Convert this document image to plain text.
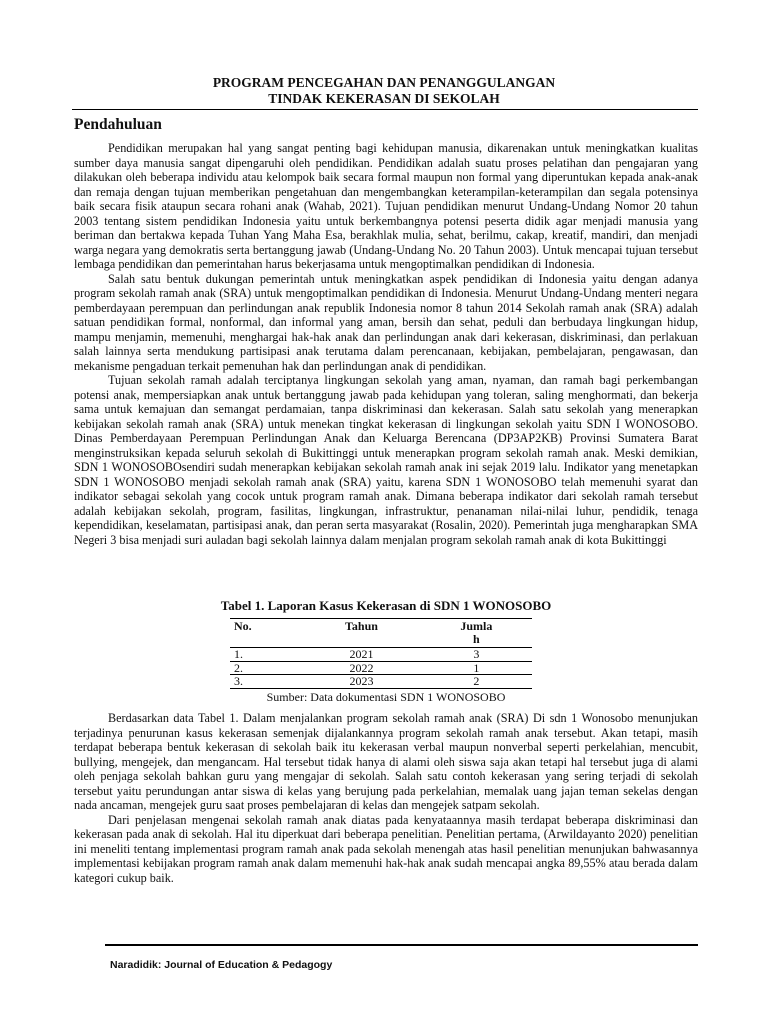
PROGRAM PENCEGAHAN DAN PENANGGULANGAN
TINDAK KEKERASAN DI SEKOLAH
Pendahuluan

Pendidikan merupakan hal yang sangat penting bagi kehidupan manusia, dikarenakan untuk meningkatkan kualitas sumber daya manusia sangat dipengaruhi oleh pendidikan. Pendidikan adalah suatu proses pelatihan dan pengajaran yang dilakukan oleh beberapa individu atau kelompok baik secara formal maupun non formal yang diperuntukan kepada anak-anak dan remaja dengan tujuan memberikan pengetahuan dan mengembangkan keterampilan-keterampilan dan segala potensinya baik secara fisik ataupun secara rohani anak (Wahab, 2021). Tujuan pendidikan menurut Undang-Undang Nomor 20 tahun 2003 tentang sistem pendidikan Indonesia yaitu untuk berkembangnya potensi peserta didik agar menjadi manusia yang beriman dan bertakwa kepada Tuhan Yang Maha Esa, berakhlak mulia, sehat, berilmu, cakap, kreatif, mandiri, dan menjadi warga negara yang demokratis serta bertanggung jawab (Undang-Undang No. 20 Tahun 2003). Untuk mencapai tujuan tersebut lembaga pendidikan dan pemerintahan harus bekerjasama untuk mengoptimalkan pendidikan di Indonesia.

Salah satu bentuk dukungan pemerintah untuk meningkatkan aspek pendidikan di Indonesia yaitu dengan adanya program sekolah ramah anak (SRA) untuk mengoptimalkan pendidikan di Indonesia. Menurut Undang-Undang menteri negara pemberdayaan perempuan dan perlindungan anak republik Indonesia nomor 8 tahun 2014 Sekolah ramah anak (SRA) adalah satuan pendidikan formal, nonformal, dan informal yang aman, bersih dan sehat, peduli dan berbudaya lingkungan hidup, mampu menjamin, memenuhi, menghargai hak-hak anak dan perlindungan anak dari kekerasan, diskriminasi, dan perlakuan salah lainnya serta mendukung partisipasi anak terutama dalam perencanaan, kebijakan, pembelajaran, pengawasan, dan mekanisme pengaduan terkait pemenuhan hak dan perlindungan anak di pendidikan.

Tujuan sekolah ramah adalah terciptanya lingkungan sekolah yang aman, nyaman, dan ramah bagi perkembangan potensi anak, mempersiapkan anak untuk bertanggung jawab pada kehidupan yang toleran, saling menghormati, dan bekerja sama untuk kemajuan dan semangat perdamaian, tanpa diskriminasi dan kekerasan. Salah satu sekolah yang menerapkan kebijakan sekolah ramah anak (SRA) untuk menekan tingkat kekerasan di lingkungan sekolah yaitu SDN I WONOSOBO. Dinas Pemberdayaan Perempuan Perlindungan Anak dan Keluarga Berencana (DP3AP2KB) Provinsi Sumatera Barat menginstruksikan kepada seluruh sekolah di Bukittinggi untuk menerapkan program sekolah ramah anak. Meski demikian, SDN 1 WONOSOBOsendiri sudah menerapkan kebijakan sekolah ramah anak ini sejak 2019 lalu. Indikator yang menetapkan SDN 1 WONOSOBO menjadi sekolah ramah anak (SRA) yaitu, karena SDN 1 WONOSOBO telah memenuhi syarat dan indikator sebagai sekolah yang cocok untuk program ramah anak. Dimana beberapa indikator dari sekolah ramah tersebut adalah kebijakan sekolah, program, fasilitas, lingkungan, infrastruktur, penanaman nilai-nilai luhur, pendidik, tenaga kependidikan, keselamatan, partisipasi anak, dan peran serta masyarakat (Rosalin, 2020). Pemerintah juga mengharapkan SMA Negeri 3 bisa menjadi suri auladan bagi sekolah lainnya dalam menjalan program sekolah ramah anak di kota Bukittinggi

Tabel 1. Laporan Kasus Kekerasan di SDN 1 WONOSOBO
No.	Tahun	Jumla
h
1.	2021	3
2.	2022	1
3.	2023	2
Sumber: Data dokumentasi SDN 1 WONOSOBO

Berdasarkan data Tabel 1. Dalam menjalankan program sekolah ramah anak (SRA) Di sdn 1 Wonosobo menunjukan terjadinya penurunan kasus kekerasan semenjak dijalankannya program sekolah ramah anak tersebut. Akan tetapi, masih terdapat beberapa bentuk kekerasan di sekolah baik itu kekerasan verbal maupun nonverbal seperti perkelahian, mencubit, bullying, mengejek, dan mengancam. Hal tersebut tidak hanya di alami oleh siswa saja akan tetapi hal tersebut juga di alami oleh penjaga sekolah bahkan guru yang mengajar di sekolah. Salah satu contoh kekerasan yang sering terjadi di sekolah tersebut yaitu perundungan antar siswa di kelas yang berujung pada perkelahian, memalak uang jajan teman sekelas dengan nada ancaman, mengejek guru saat proses pembelajaran di kelas dan mengejek satpam sekolah.

Dari penjelasan mengenai sekolah ramah anak diatas pada kenyataannya masih terdapat beberapa diskriminasi dan kekerasan pada anak di sekolah. Hal itu diperkuat dari beberapa penelitian. Penelitian pertama, (Arwildayanto 2020) penelitian ini meneliti tentang implementasi program ramah anak pada sekolah menengah atas hasil penelitian menunjukan bahwasannya implementasi kebijakan program ramah anak dalam memenuhi hak-hak anak sudah mencapai angka 89,55% atau berada dalam kategori cukup baik.

Naradidik: Journal of Education & Pedagogy
